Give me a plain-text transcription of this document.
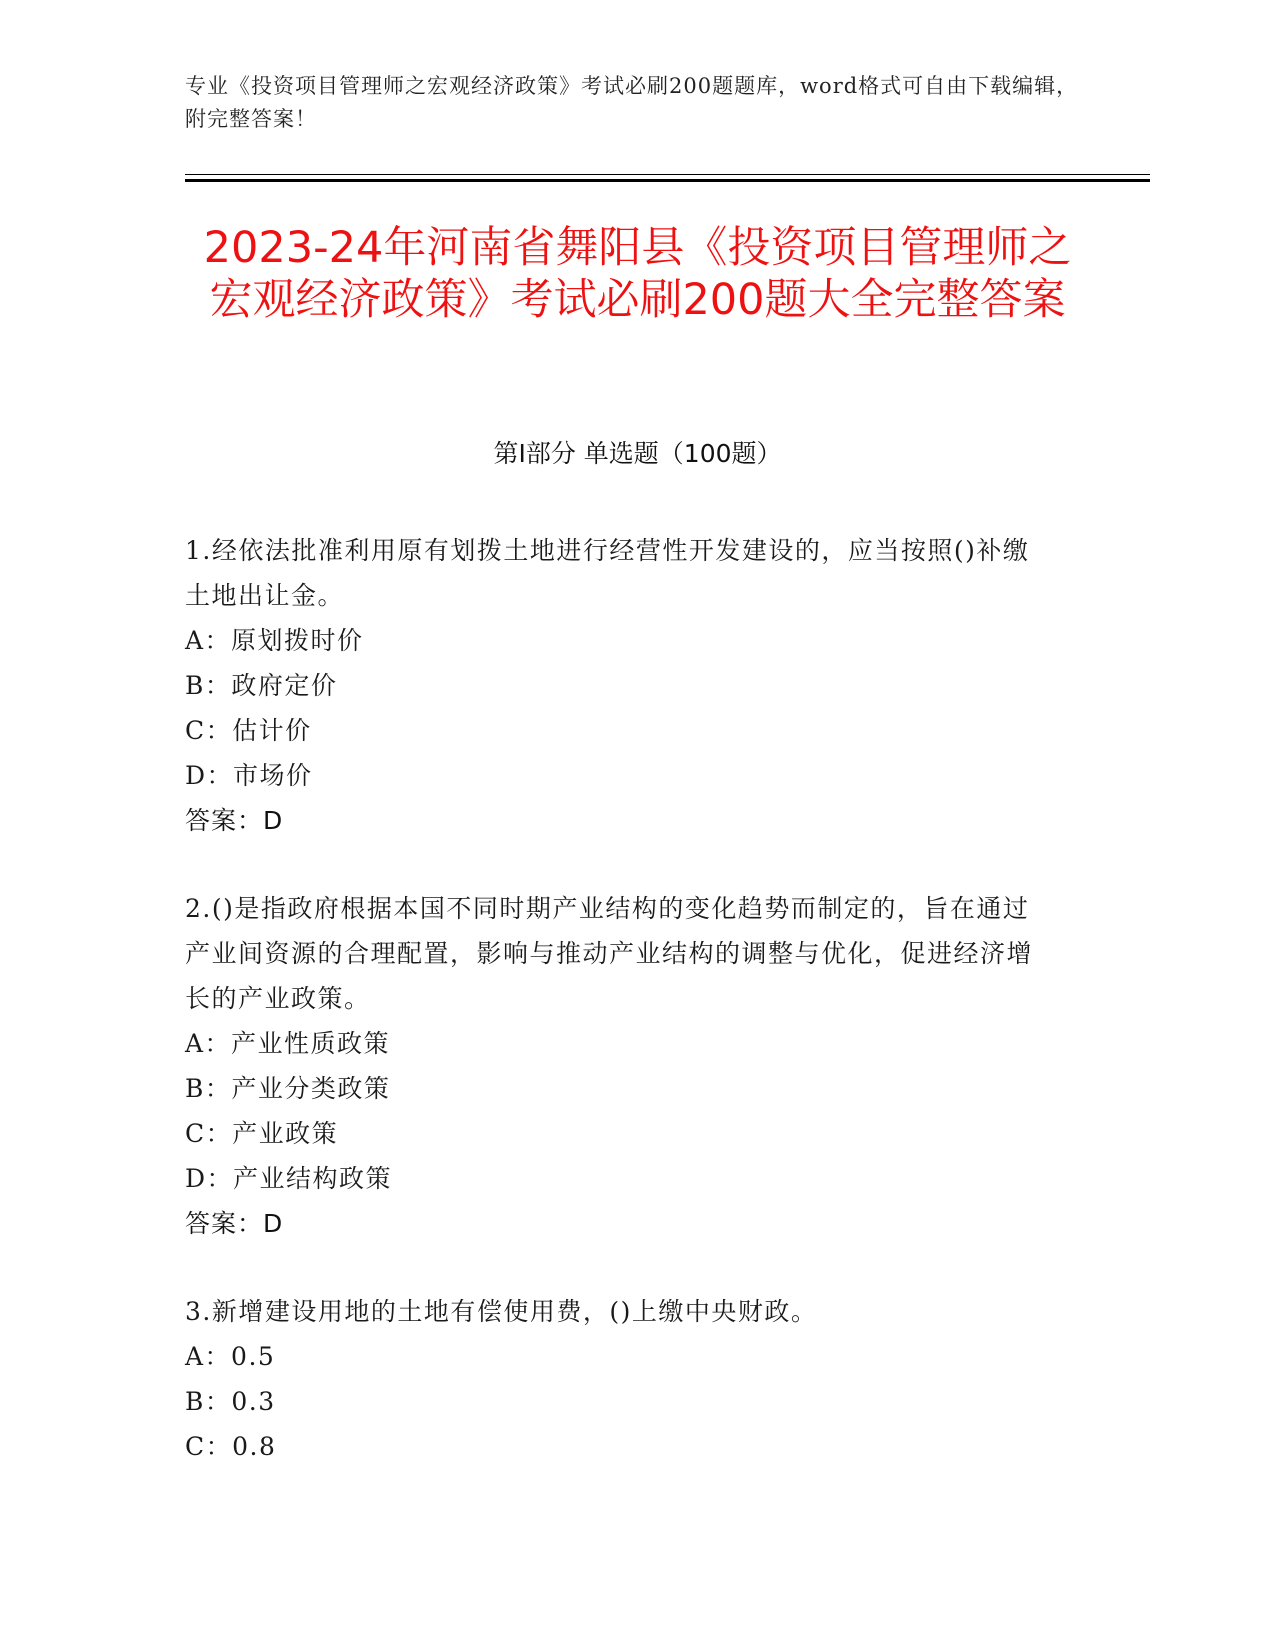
专业《投资项目管理师之宏观经济政策》考试必刷200题题库，word格式可自由下载编辑，附完整答案！

2023-24年河南省舞阳县《投资项目管理师之宏观经济政策》考试必刷200题大全完整答案
第I部分 单选题（100题）

1.经依法批准利用原有划拨土地进行经营性开发建设的，应当按照()补缴土地出让金。

A：原划拨时价

B：政府定价

C：估计价

D：市场价

答案：D

2.()是指政府根据本国不同时期产业结构的变化趋势而制定的，旨在通过产业间资源的合理配置，影响与推动产业结构的调整与优化，促进经济增长的产业政策。

A：产业性质政策

B：产业分类政策

C：产业政策

D：产业结构政策

答案：D

3.新增建设用地的土地有偿使用费，()上缴中央财政。

A：0.5

B：0.3

C：0.8
